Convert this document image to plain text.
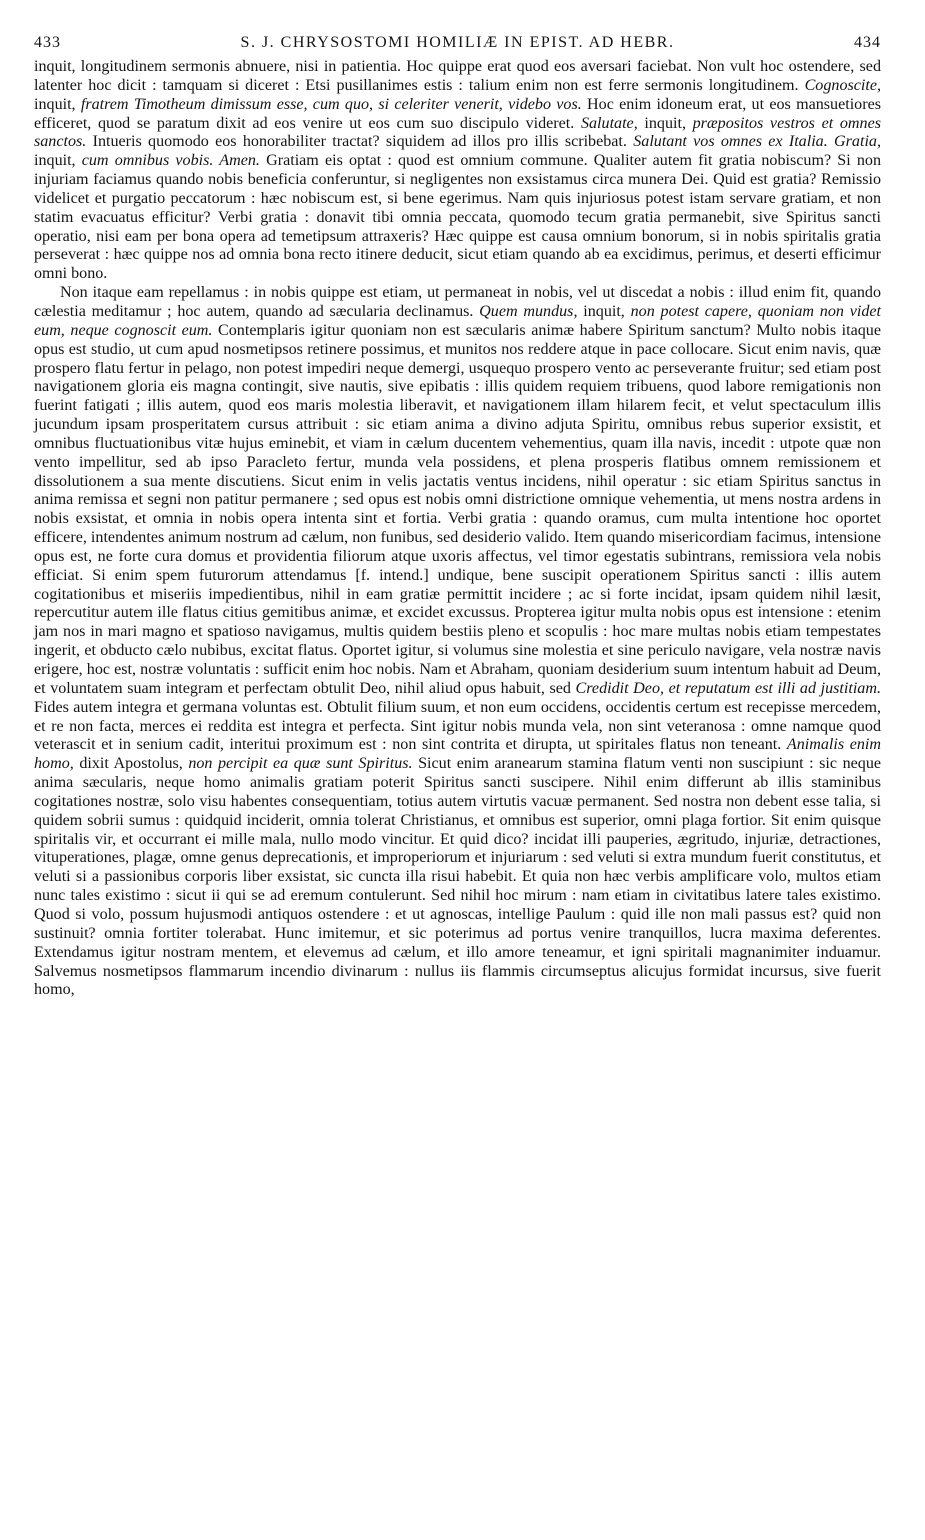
433	S. J. CHRYSOSTOMI HOMILIÆ IN EPIST. AD HEBR.	434

inquit, longitudinem sermonis abnuere, nisi in patientia. Hoc quippe erat quod eos aversari faciebat. Non vult hoc ostendere, sed latenter hoc dicit : tamquam si diceret : Etsi pusillanimes estis : talium enim non est ferre sermonis longitudinem. Cognoscite, inquit, fratrem Timotheum dimissum esse, cum quo, si celeriter venerit, videbo vos. Hoc enim idoneum erat, ut eos mansuetiores efficeret, quod se paratum dixit ad eos venire ut eos cum suo discipulo videret. Salutate, inquit, præpositos vestros et omnes sanctos. Intueris quomodo eos honorabiliter tractat? siquidem ad illos pro illis scribebat. Salutant vos omnes ex Italia. Gratia, inquit, cum omnibus vobis. Amen. Gratiam eis optat : quod est omnium commune. Qualiter autem fit gratia nobiscum? Si non injuriam faciamus quando nobis beneficia conferuntur, si negligentes non exsistamus circa munera Dei. Quid est gratia? Remissio videlicet et purgatio peccatorum : hæc nobiscum est, si bene egerimus. Nam quis injuriosus potest istam servare gratiam, et non statim evacuatus efficitur? Verbi gratia : donavit tibi omnia peccata, quomodo tecum gratia permanebit, sive Spiritus sancti operatio, nisi eam per bona opera ad temetipsum attraxeris? Hæc quippe est causa omnium bonorum, si in nobis spiritalis gratia perseverat : hæc quippe nos ad omnia bona recto itinere deducit, sicut etiam quando ab ea excidimus, perimus, et deserti efficimur omni bono.

Non itaque eam repellamus : in nobis quippe est etiam, ut permaneat in nobis, vel ut discedat a nobis : illud enim fit, quando cælestia meditamur ; hoc autem, quando ad sæcularia declinamus. Quem mundus, inquit, non potest capere, quoniam non videt eum, neque cognoscit eum. Contemplaris igitur quoniam non est sæcularis animæ habere Spiritum sanctum? Multo nobis itaque opus est studio, ut cum apud nosmetipsos retinere possimus, et munitos nos reddere atque in pace collocare. Sicut enim navis, quæ prospero flatu fertur in pelago, non potest impediri neque demergi, usquequo prospero vento ac perseverante fruitur; sed etiam post navigationem gloria eis magna contingit, sive nautis, sive epibatis : illis quidem requiem tribuens, quod labore remigationis non fuerint fatigati ; illis autem, quod eos maris molestia liberavit, et navigationem illam hilarem fecit, et velut spectaculum illis jucundum ipsam prosperitatem cursus attribuit : sic etiam anima a divino adjuta Spiritu, omnibus rebus superior exsistit, et omnibus fluctuationibus vitæ hujus eminebit, et viam in cælum ducentem vehementius, quam illa navis, incedit : utpote quæ non vento impellitur, sed ab ipso Paracleto fertur, munda vela possidens, et plena prosperis flatibus omnem remissionem et dissolutionem a sua mente discutiens. Sicut enim in velis jactatis ventus incidens, nihil operatur : sic etiam Spiritus sanctus in anima remissa et segni non patitur permanere ; sed opus est nobis omni districtione omnique vehementia, ut mens nostra ardens in nobis exsistat, et omnia in nobis opera intenta sint et fortia. Verbi gratia : quando oramus, cum multa intentione hoc oportet efficere, intendentes animum nostrum ad cælum, non funibus, sed desiderio valido. Item quando misericordiam facimus, intensione opus est, ne forte cura domus et providentia filiorum atque uxoris affectus, vel timor egestatis subintrans, remissiora vela nobis efficiat. Si enim spem futurorum attendamus [f. intend.] undique, bene suscipit operationem Spiritus sancti : illis autem cogitationibus et miseriis impedientibus, nihil in eam gratiæ permittit incidere ; ac si forte incidat, ipsam quidem nihil læsit, repercutitur autem ille flatus citius gemitibus animæ, et excidet excussus. Propterea igitur multa nobis opus est intensione : etenim jam nos in mari magno et spatioso navigamus, multis quidem bestiis pleno et scopulis : hoc mare multas nobis etiam tempestates ingerit, et obducto cælo nubibus, excitat flatus. Oportet igitur, si volumus sine molestia et sine periculo navigare, vela nostræ navis erigere, hoc est, nostræ voluntatis : sufficit enim hoc nobis. Nam et Abraham, quoniam desiderium suum intentum habuit ad Deum, et voluntatem suam integram et perfectam obtulit Deo, nihil aliud opus habuit, sed Credidit Deo, et reputatum est illi ad justitiam. Fides autem integra et germana voluntas est. Obtulit filium suum, et non eum occidens, occidentis certum est recepisse mercedem, et re non facta, merces ei reddita est integra et perfecta. Sint igitur nobis munda vela, non sint veteranosa : omne namque quod veterascit et in senium cadit, interitui proximum est : non sint contrita et dirupta, ut spiritales flatus non teneant. Animalis enim homo, dixit Apostolus, non percipit ea quæ sunt Spiritus. Sicut enim aranearum stamina flatum venti non suscipiunt : sic neque anima sæcularis, neque homo animalis gratiam poterit Spiritus sancti suscipere. Nihil enim differunt ab illis staminibus cogitationes nostræ, solo visu habentes consequentiam, totius autem virtutis vacuæ permanent. Sed nostra non debent esse talia, si quidem sobrii sumus : quidquid inciderit, omnia tolerat Christianus, et omnibus est superior, omni plaga fortior. Sit enim quisque spiritalis vir, et occurrant ei mille mala, nullo modo vincitur. Et quid dico? incidat illi pauperies, ægritudo, injuriæ, detractiones, vituperationes, plagæ, omne genus deprecationis, et improperiorum et injuriarum : sed veluti si extra mundum fuerit constitutus, et veluti si a passionibus corporis liber exsistat, sic cuncta illa risui habebit. Et quia non hæc verbis amplificare volo, multos etiam nunc tales existimo : sicut ii qui se ad eremum contulerunt. Sed nihil hoc mirum : nam etiam in civitatibus latere tales existimo. Quod si volo, possum hujusmodi antiquos ostendere : et ut agnoscas, intellige Paulum : quid ille non mali passus est? quid non sustinuit? omnia fortiter tolerabat. Hunc imitemur, et sic poterimus ad portus venire tranquillos, lucra maxima deferentes. Extendamus igitur nostram mentem, et elevemus ad cælum, et illo amore teneamur, et igni spiritali magnanimiter induamur. Salvemus nosmetipsos flammarum incendio divinarum : nullus iis flammis circumseptus alicujus formidat incursus, sive fuerit homo,
